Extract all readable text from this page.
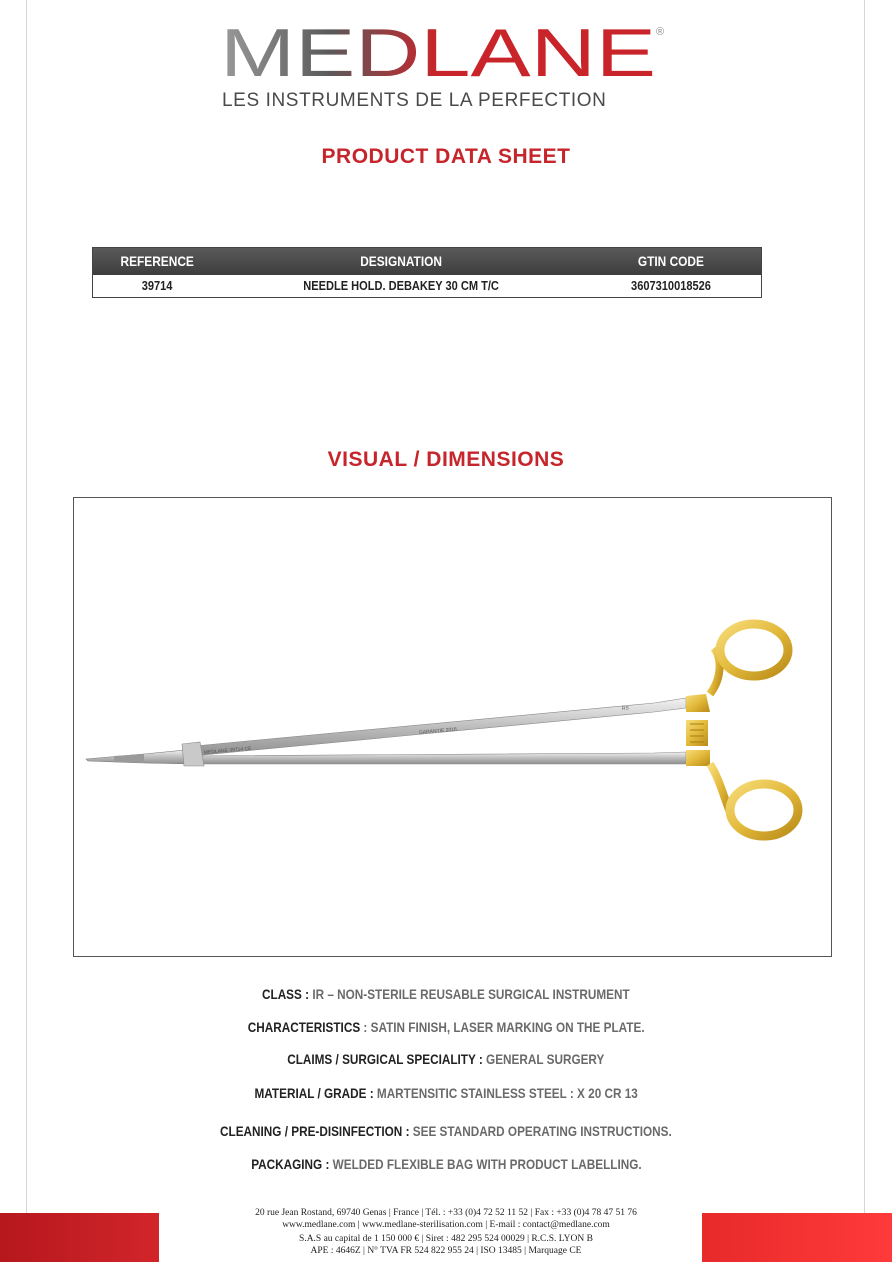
MEDLANE ®
LES INSTRUMENTS DE LA PERFECTION
PRODUCT DATA SHEET
REFERENCE	DESIGNATION	GTIN CODE
39714	NEEDLE HOLD. DEBAKEY 30 CM T/C	3607310018526
VISUAL / DIMENSIONS
MEDLANE 39714 CE
GARANTIE 2016
RS
CLASS : IR – NON-STERILE REUSABLE SURGICAL INSTRUMENT
CHARACTERISTICS : SATIN FINISH, LASER MARKING ON THE PLATE.
CLAIMS / SURGICAL SPECIALITY : GENERAL SURGERY
MATERIAL / GRADE : MARTENSITIC STAINLESS STEEL : X 20 CR 13
CLEANING / PRE-DISINFECTION : SEE STANDARD OPERATING INSTRUCTIONS.
PACKAGING : WELDED FLEXIBLE BAG WITH PRODUCT LABELLING.
20 rue Jean Rostand, 69740 Genas | France | Tél. : +33 (0)4 72 52 11 52 | Fax : +33 (0)4 78 47 51 76
www.medlane.com | www.medlane-sterilisation.com | E-mail : contact@medlane.com
S.A.S au capital de 1 150 000 € | Siret : 482 295 524 00029 | R.C.S. LYON B
APE : 4646Z | N° TVA FR 524 822 955 24 | ISO 13485 | Marquage CE
